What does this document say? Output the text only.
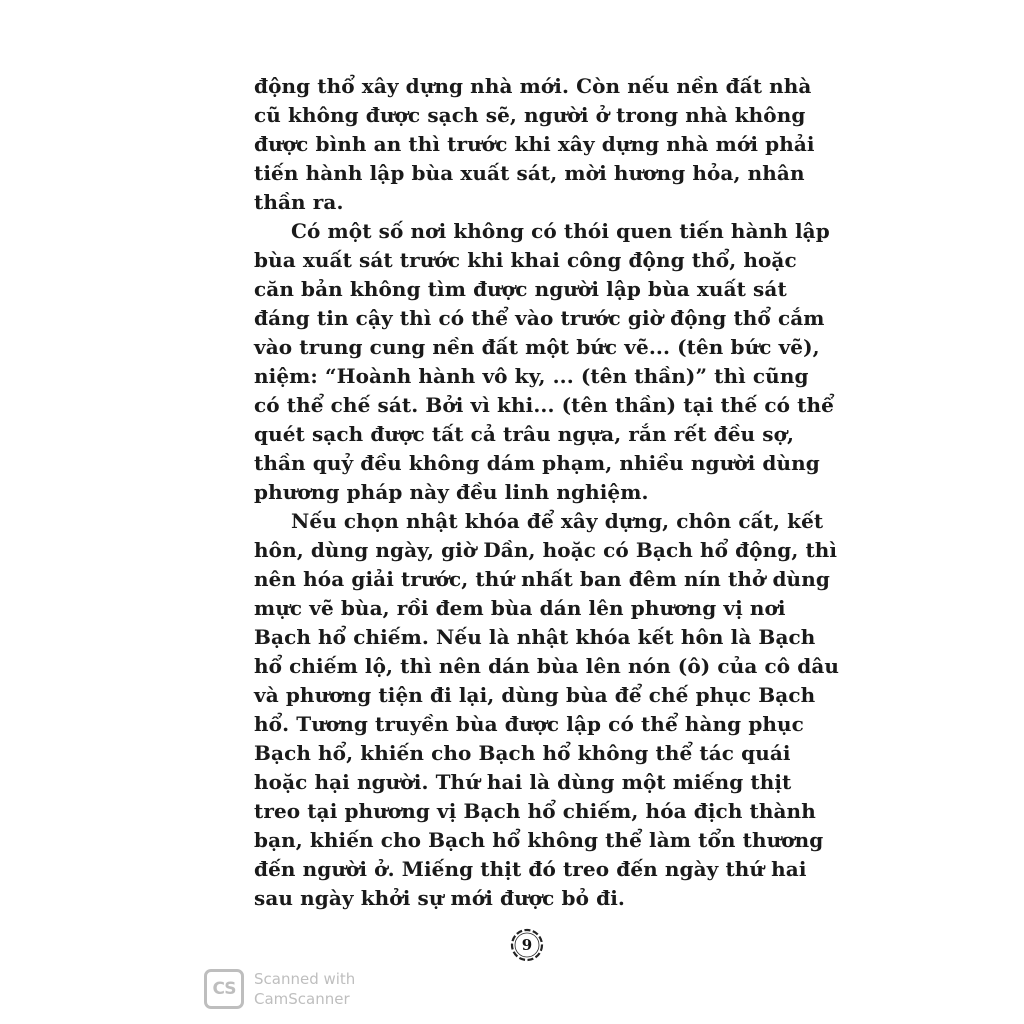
động thổ xây dựng nhà mới. Còn nếu nền đất nhà
cũ không được sạch sẽ, người ở trong nhà không
được bình an thì trước khi xây dựng nhà mới phải
tiến hành lập bùa xuất sát, mời hương hỏa, nhân
thần ra.
Có một số nơi không có thói quen tiến hành lập
bùa xuất sát trước khi khai công động thổ, hoặc
căn bản không tìm được người lập bùa xuất sát
đáng tin cậy thì có thể vào trước giờ động thổ cắm
vào trung cung nền đất một bức vẽ... (tên bức vẽ),
niệm: “Hoành hành vô ky, ... (tên thần)” thì cũng
có thể chế sát. Bởi vì khi... (tên thần) tại thế có thể
quét sạch được tất cả trâu ngựa, rắn rết đều sợ,
thần quỷ đều không dám phạm, nhiều người dùng
phương pháp này đều linh nghiệm.
Nếu chọn nhật khóa để xây dựng, chôn cất, kết
hôn, dùng ngày, giờ Dần, hoặc có Bạch hổ động, thì
nên hóa giải trước, thứ nhất ban đêm nín thở dùng
mực vẽ bùa, rồi đem bùa dán lên phương vị nơi
Bạch hổ chiếm. Nếu là nhật khóa kết hôn là Bạch
hổ chiếm lộ, thì nên dán bùa lên nón (ô) của cô dâu
và phương tiện đi lại, dùng bùa để chế phục Bạch
hổ. Tương truyền bùa được lập có thể hàng phục
Bạch hổ, khiến cho Bạch hổ không thể tác quái
hoặc hại người. Thứ hai là dùng một miếng thịt
treo tại phương vị Bạch hổ chiếm, hóa địch thành
bạn, khiến cho Bạch hổ không thể làm tổn thương
đến người ở. Miếng thịt đó treo đến ngày thứ hai
sau ngày khởi sự mới được bỏ đi.
9
CS	Scanned with
CamScanner
